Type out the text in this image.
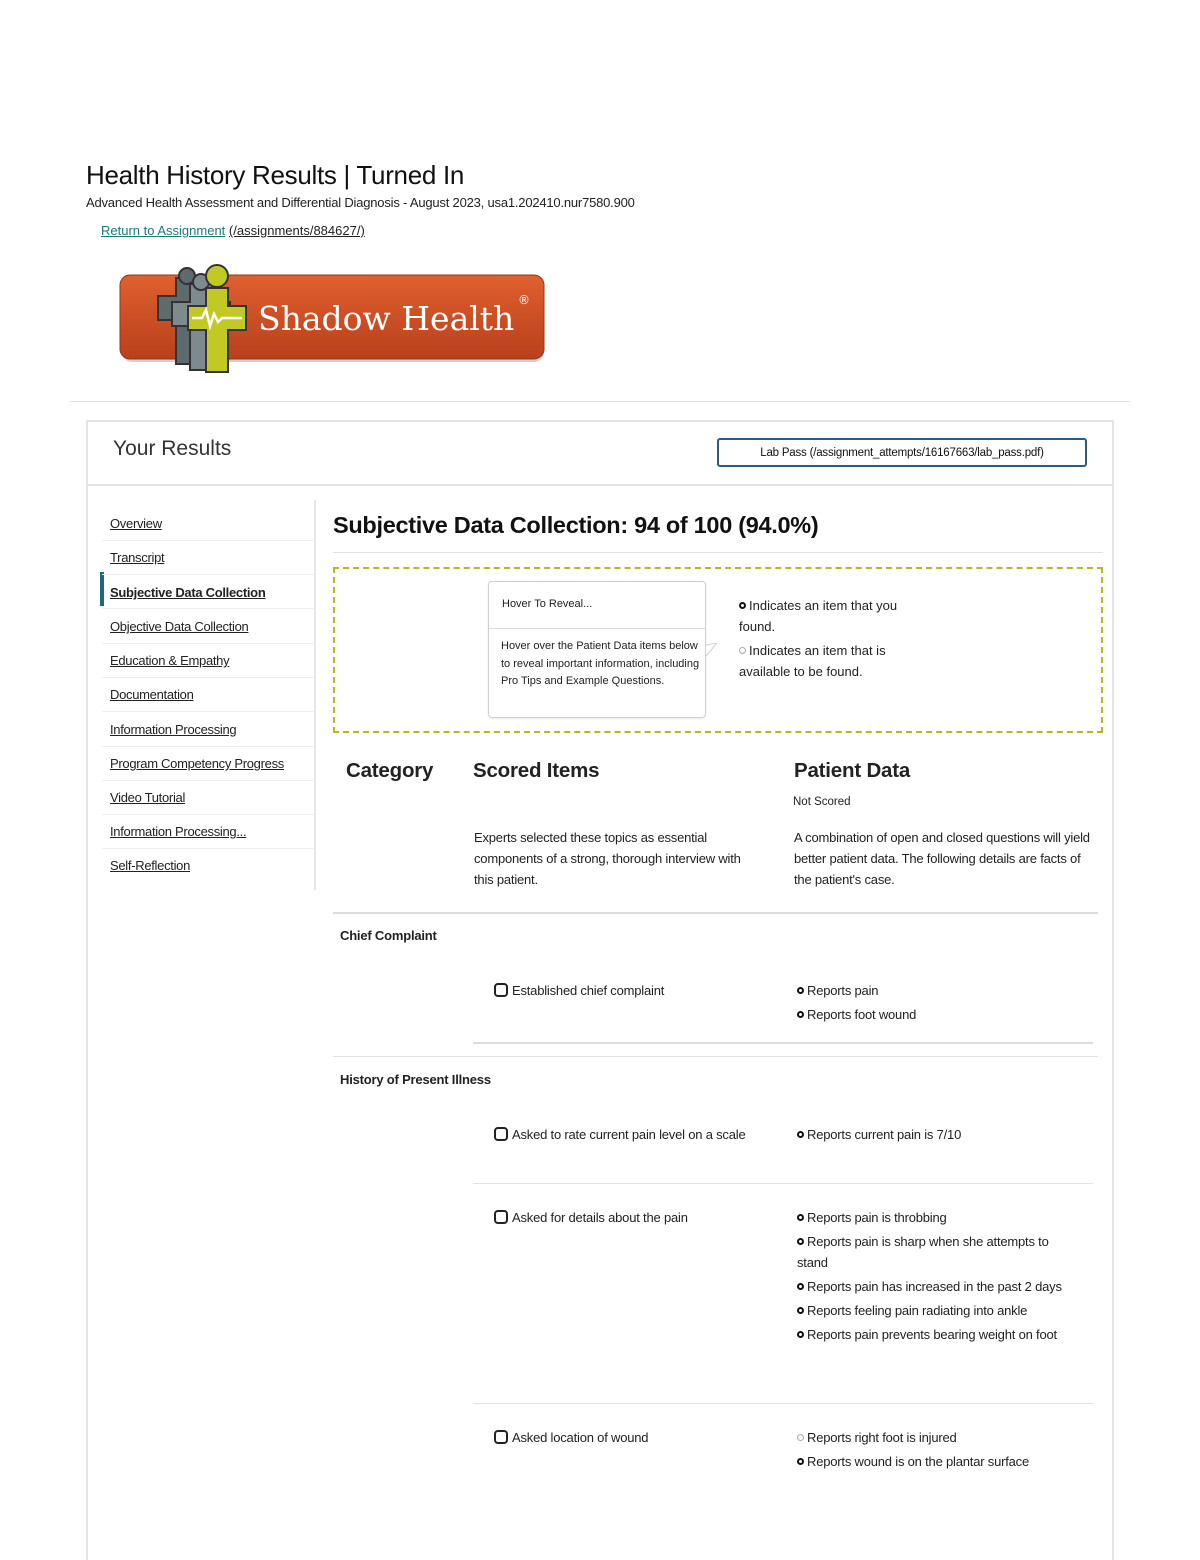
Health History Results | Turned In
Advanced Health Assessment and Differential Diagnosis - August 2023, usa1.202410.nur7580.900
Return to Assignment (/assignments/884627/)
Shadow Health ®
Your Results	Lab Pass (/assignment_attempts/16167663/lab_pass.pdf)
Overview
Transcript
Subjective Data Collection
Objective Data Collection
Education & Empathy
Documentation
Information Processing
Program Competency Progress
Video Tutorial
Information Processing...
Self-Reflection
Subjective Data Collection: 94 of 100 (94.0%)
Hover To Reveal...
Hover over the Patient Data items below to reveal important information, including Pro Tips and Example Questions.
Indicates an item that you found.
Indicates an item that is available to be found.
Category Scored Items	Patient Data
Not Scored
Experts selected these topics as essential components of a strong, thorough interview with this patient.
A combination of open and closed questions will yield better patient data. The following details are facts of the patient's case.
Chief Complaint
Established chief complaint	Reports pain
Reports foot wound
History of Present Illness
Asked to rate current pain level on a scale	Reports current pain is 7/10
Asked for details about the pain	Reports pain is throbbing
Reports pain is sharp when she attempts to stand
Reports pain has increased in the past 2 days
Reports feeling pain radiating into ankle
Reports pain prevents bearing weight on foot
Asked location of wound	Reports right foot is injured
Reports wound is on the plantar surface
